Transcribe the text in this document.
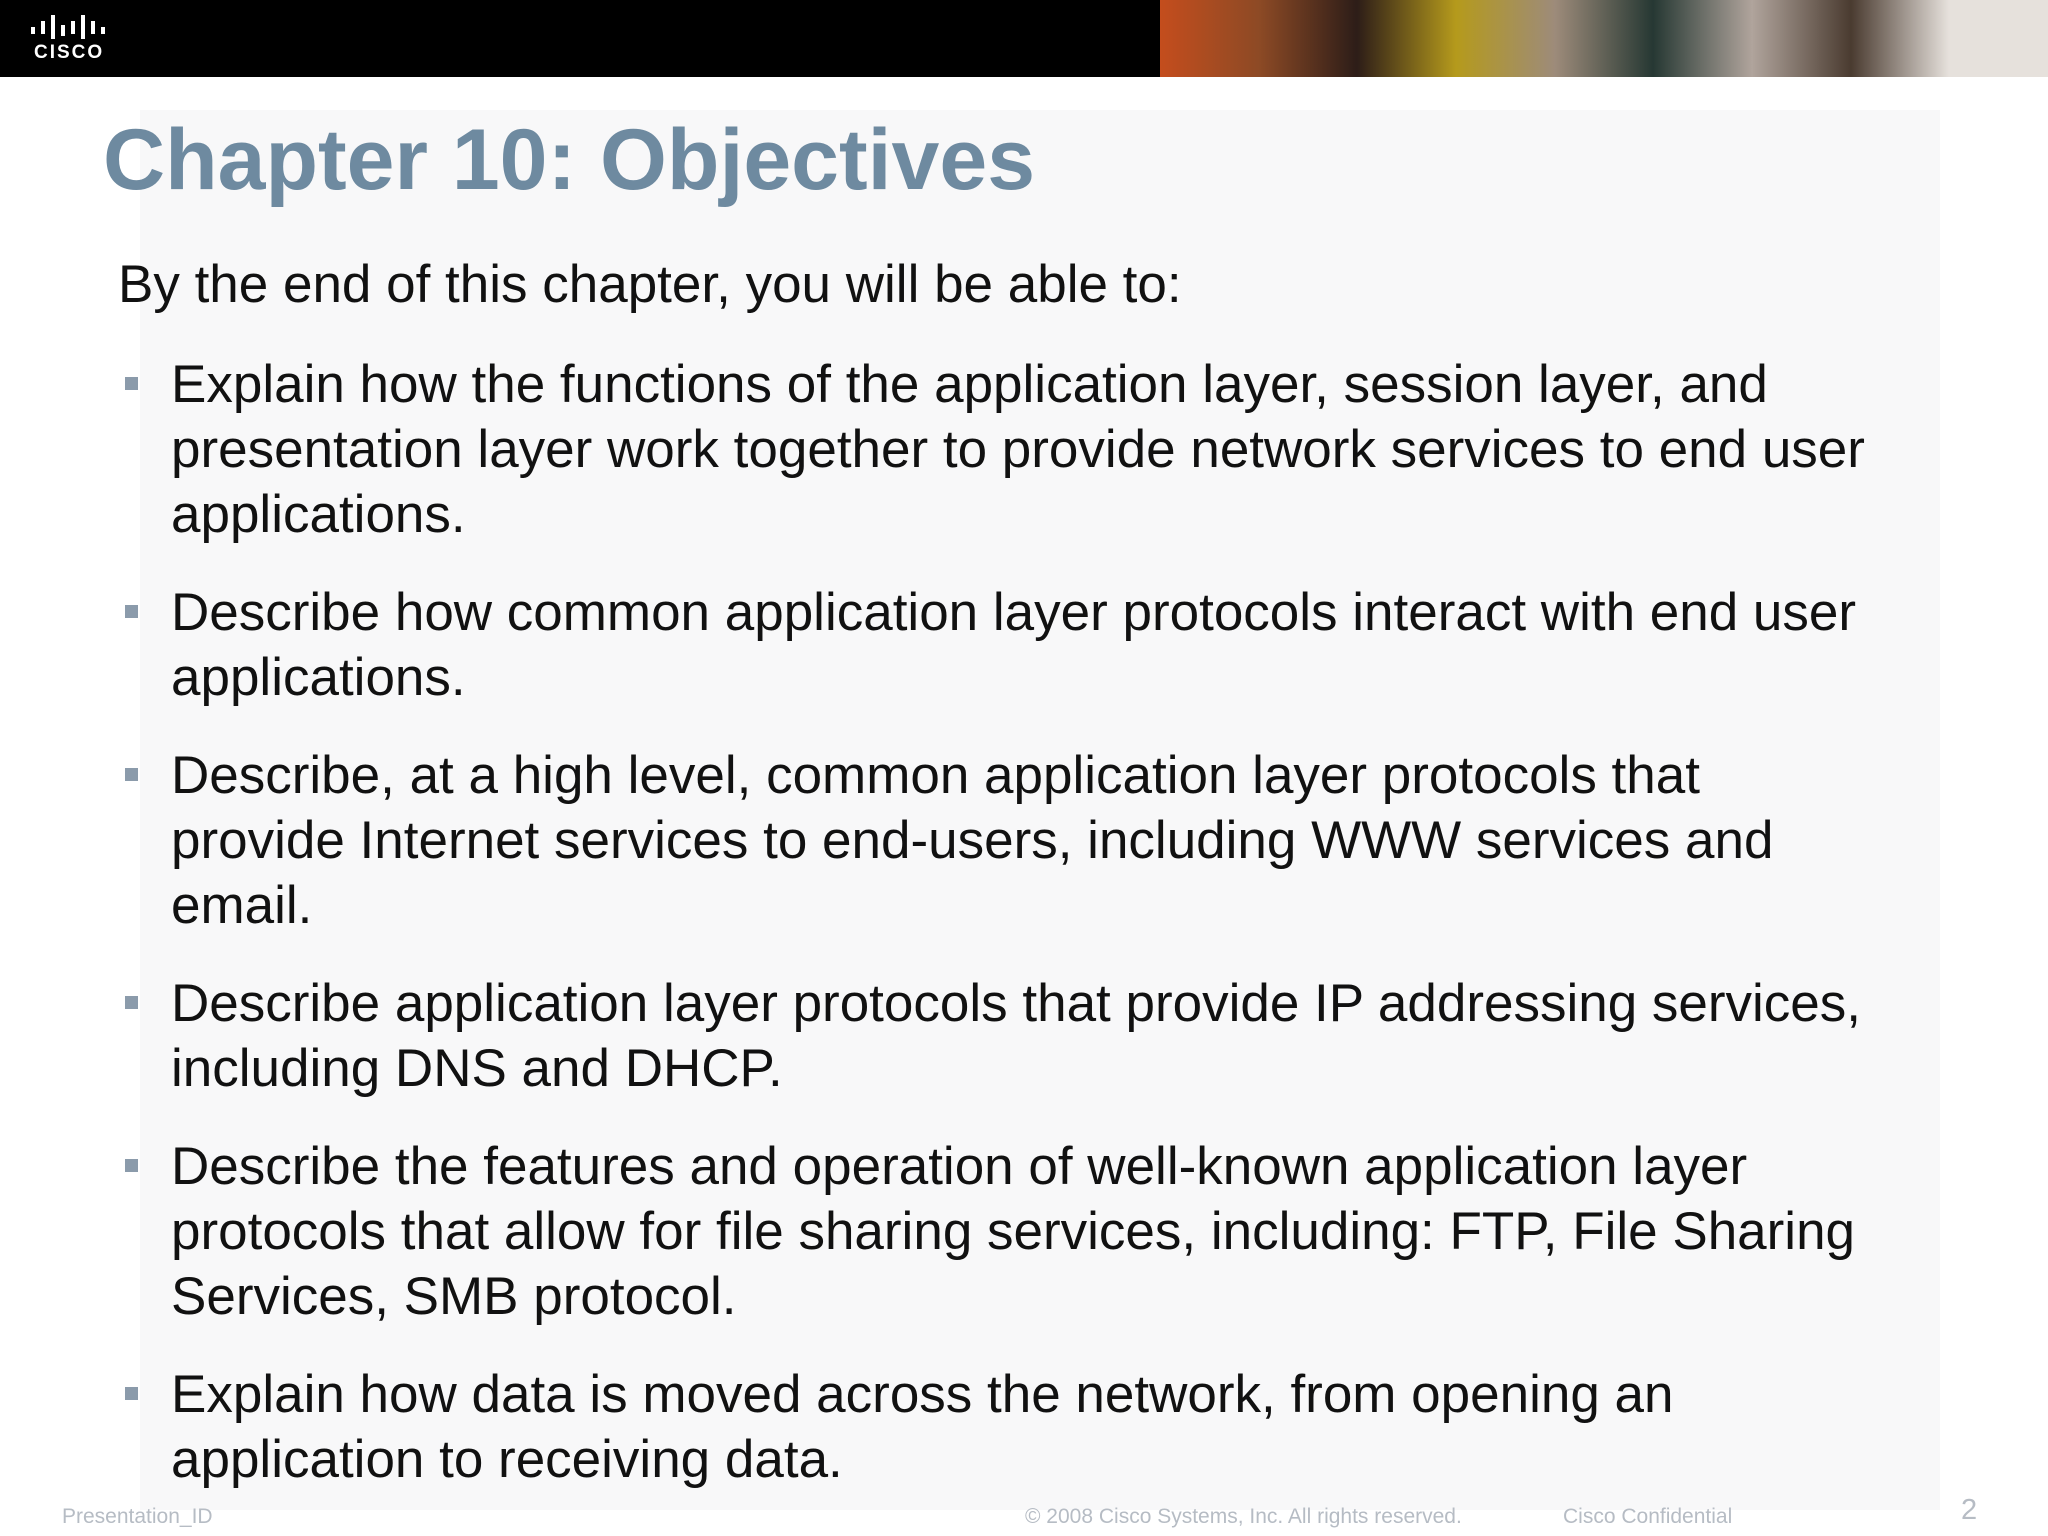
CISCO
Chapter 10: Objectives

By the end of this chapter, you will be able to:

Explain how the functions of the application layer, session layer, and presentation layer work together to provide network services to end user applications.
Describe how common application layer protocols interact with end user applications.
Describe, at a high level, common application layer protocols that provide Internet services to end-users, including WWW services and email.
Describe application layer protocols that provide IP addressing services, including DNS and DHCP.
Describe the features and operation of well-known application layer protocols that allow for file sharing services, including: FTP, File Sharing Services, SMB protocol.
Explain how data is moved across the network, from opening an application to receiving data.
Presentation_ID	© 2008 Cisco Systems, Inc. All rights reserved.	Cisco Confidential	2
